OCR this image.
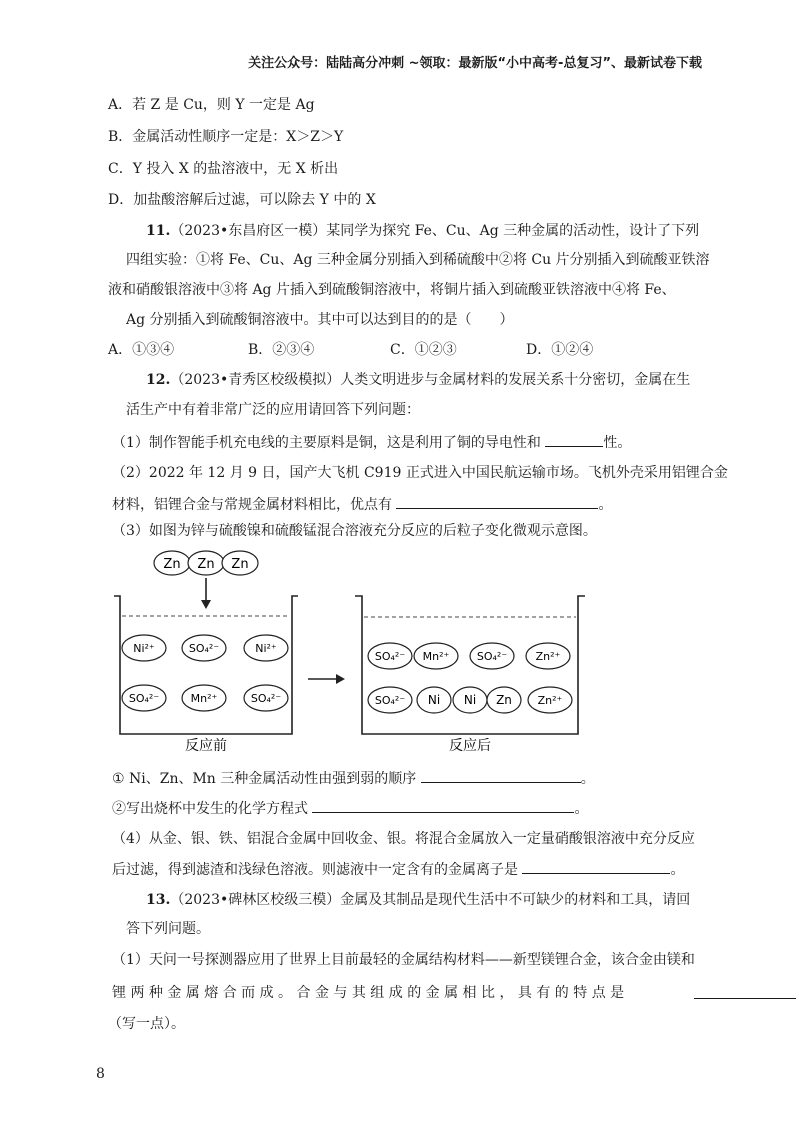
关注公众号：陆陆高分冲刺 ~领取：最新版“小中高考-总复习”、最新试卷下载
A．若 Z 是 Cu，则 Y 一定是 Ag
B．金属活动性顺序一定是：X＞Z＞Y
C．Y 投入 X 的盐溶液中，无 X 析出
D．加盐酸溶解后过滤，可以除去 Y 中的 X
11.（2023•东昌府区一模）某同学为探究 Fe、Cu、Ag 三种金属的活动性，设计了下列
四组实验：①将 Fe、Cu、Ag 三种金属分别插入到稀硫酸中②将 Cu 片分别插入到硫酸亚铁溶
液和硝酸银溶液中③将 Ag 片插入到硫酸铜溶液中，将铜片插入到硫酸亚铁溶液中④将 Fe、
Ag 分别插入到硫酸铜溶液中。其中可以达到目的的是（　　）
A．①③④	B．②③④	C．①②③	D．①②④
12.（2023•青秀区校级模拟）人类文明进步与金属材料的发展关系十分密切，金属在生
活生产中有着非常广泛的应用请回答下列问题：
（1）制作智能手机充电线的主要原料是铜，这是利用了铜的导电性和	性。
（2）2022 年 12 月 9 日，国产大飞机 C919 正式进入中国民航运输市场。飞机外壳采用铝锂合金
材料，铝锂合金与常规金属材料相比，优点有	。
（3）如图为锌与硫酸镍和硫酸锰混合溶液充分反应的后粒子变化微观示意图。
Zn Zn Zn
Ni²⁺	SO₄²⁻	Ni²⁺
SO₄²⁻	Mn²⁺	SO₄²⁻
反应前
SO₄²⁻ Mn²⁺	SO₄²⁻	Zn²⁺
SO₄²⁻ Ni Ni Zn Zn²⁺
反应后
① Ni、Zn、Mn 三种金属活动性由强到弱的顺序	。
②写出烧杯中发生的化学方程式	。
（4）从金、银、铁、铝混合金属中回收金、银。将混合金属放入一定量硝酸银溶液中充分反应
后过滤，得到滤渣和浅绿色溶液。则滤液中一定含有的金属离子是	。
13.（2023•碑林区校级三模）金属及其制品是现代生活中不可缺少的材料和工具，请回
答下列问题。
（1）天问一号探测器应用了世界上目前最轻的金属结构材料——新型镁锂合金，该合金由镁和
锂 两 种 金 属 熔 合 而 成 。 合 金 与 其 组 成 的 金 属 相 比 ， 具 有 的 特 点 是
（写一点）。
8
